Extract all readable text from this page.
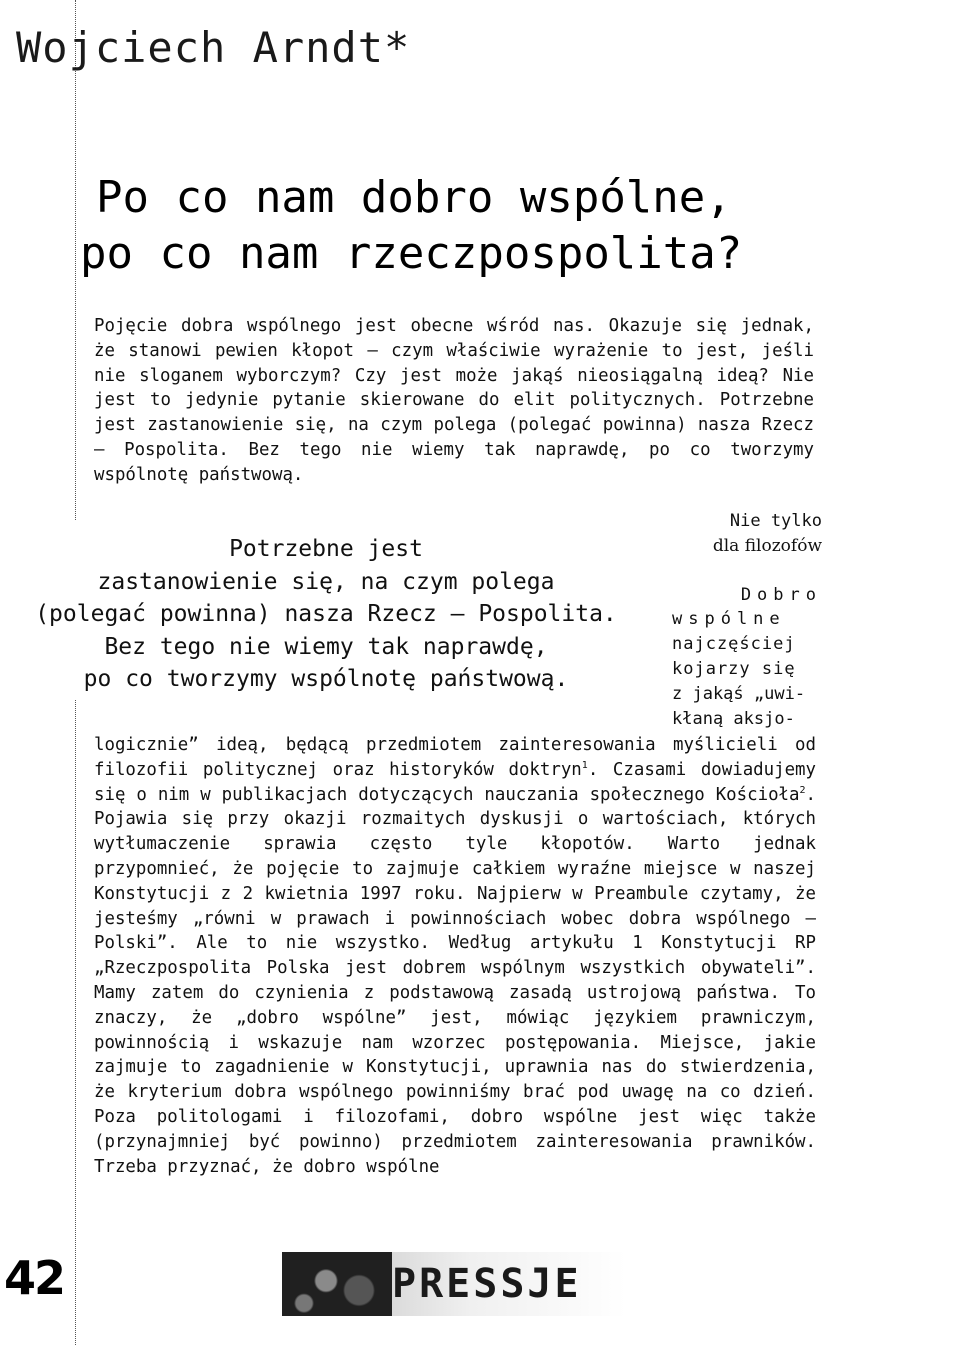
Wojciech Arndt*
Po co nam dobro wspólne,
po co nam rzeczpospolita?
Pojęcie dobra wspólnego jest obecne wśród nas. Okazuje się jednak, że stanowi pewien kłopot – czym właściwie wyrażenie to jest, jeśli nie sloganem wyborczym? Czy jest może jakąś nieosiągalną ideą? Nie jest to jedynie pytanie skierowane do elit politycznych. Potrzebne jest zastanowienie się, na czym polega (polegać powinna) nasza Rzecz – Pospolita. Bez tego nie wiemy tak naprawdę, po co tworzymy wspólnotę państwową.
Potrzebne jest
zastanowienie się, na czym polega
(polegać powinna) nasza Rzecz – Pospolita.
Bez tego nie wiemy tak naprawdę,
po co tworzymy wspólnotę państwową.
Nie tylko
dla filozofów
Dobro
wspólne
najczęściej
kojarzy się
z jakąś „uwi-
kłaną aksjo-
logicznie” ideą, będącą przedmiotem zainteresowania myślicieli od filozofii politycznej oraz historyków doktryn$^1$. Czasami dowiadujemy się o nim w publikacjach dotyczących nauczania społecznego Kościoła$^2$. Pojawia się przy okazji rozmaitych dyskusji o wartościach, których wytłumaczenie sprawia często tyle kłopotów. Warto jednak przypomnieć, że pojęcie to zajmuje całkiem wyraźne miejsce w naszej Konstytucji z 2 kwietnia 1997 roku. Najpierw w Preambule czytamy, że jesteśmy „równi w prawach i powinnościach wobec dobra wspólnego – Polski”. Ale to nie wszystko. Według artykułu 1 Konstytucji RP „Rzeczpospolita Polska jest dobrem wspólnym wszystkich obywateli”. Mamy zatem do czynienia z podstawową zasadą ustrojową państwa. To znaczy, że „dobro wspólne” jest, mówiąc językiem prawniczym, powinnością i wskazuje nam wzorzec postępowania. Miejsce, jakie zajmuje to zagadnienie w Konstytucji, uprawnia nas do stwierdzenia, że kryterium dobra wspólnego powinniśmy brać pod uwagę na co dzień. Poza politologami i filozofami, dobro wspólne jest więc także (przynajmniej być powinno) przedmiotem zainteresowania prawników. Trzeba przyznać, że dobro wspólne
42	PRESSJE
